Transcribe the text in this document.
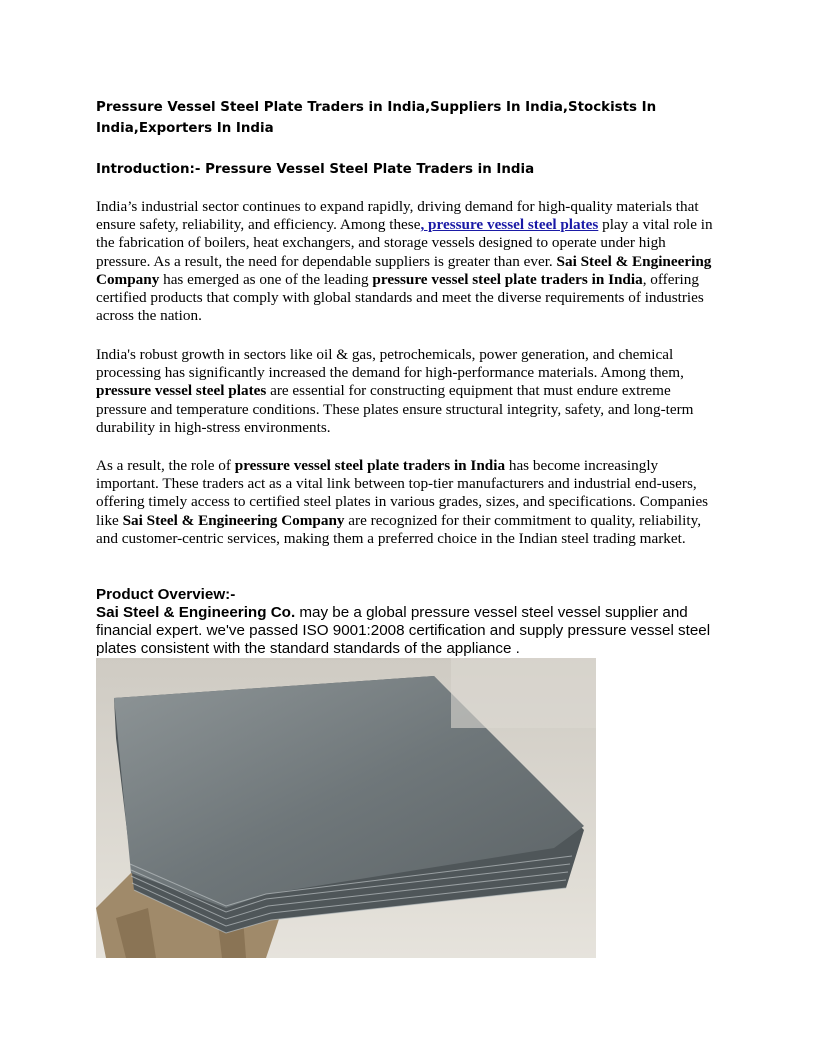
Pressure Vessel Steel Plate Traders in India,Suppliers In India,Stockists In India,Exporters In India
Introduction:- Pressure Vessel Steel Plate Traders in India

India’s industrial sector continues to expand rapidly, driving demand for high-quality materials that ensure safety, reliability, and efficiency. Among these, pressure vessel steel plates play a vital role in the fabrication of boilers, heat exchangers, and storage vessels designed to operate under high pressure. As a result, the need for dependable suppliers is greater than ever. Sai Steel & Engineering Company has emerged as one of the leading pressure vessel steel plate traders in India, offering certified products that comply with global standards and meet the diverse requirements of industries across the nation.

India's robust growth in sectors like oil & gas, petrochemicals, power generation, and chemical processing has significantly increased the demand for high-performance materials. Among them, pressure vessel steel plates are essential for constructing equipment that must endure extreme pressure and temperature conditions. These plates ensure structural integrity, safety, and long-term durability in high-stress environments.

As a result, the role of pressure vessel steel plate traders in India has become increasingly important. These traders act as a vital link between top-tier manufacturers and industrial end-users, offering timely access to certified steel plates in various grades, sizes, and specifications. Companies like Sai Steel & Engineering Company are recognized for their commitment to quality, reliability, and customer-centric services, making them a preferred choice in the Indian steel trading market.

Product Overview:-

Sai Steel & Engineering Co. may be a global pressure vessel steel vessel supplier and financial expert. we've passed ISO 9001:2008 certification and supply pressure vessel steel plates consistent with the standard standards of the appliance .
